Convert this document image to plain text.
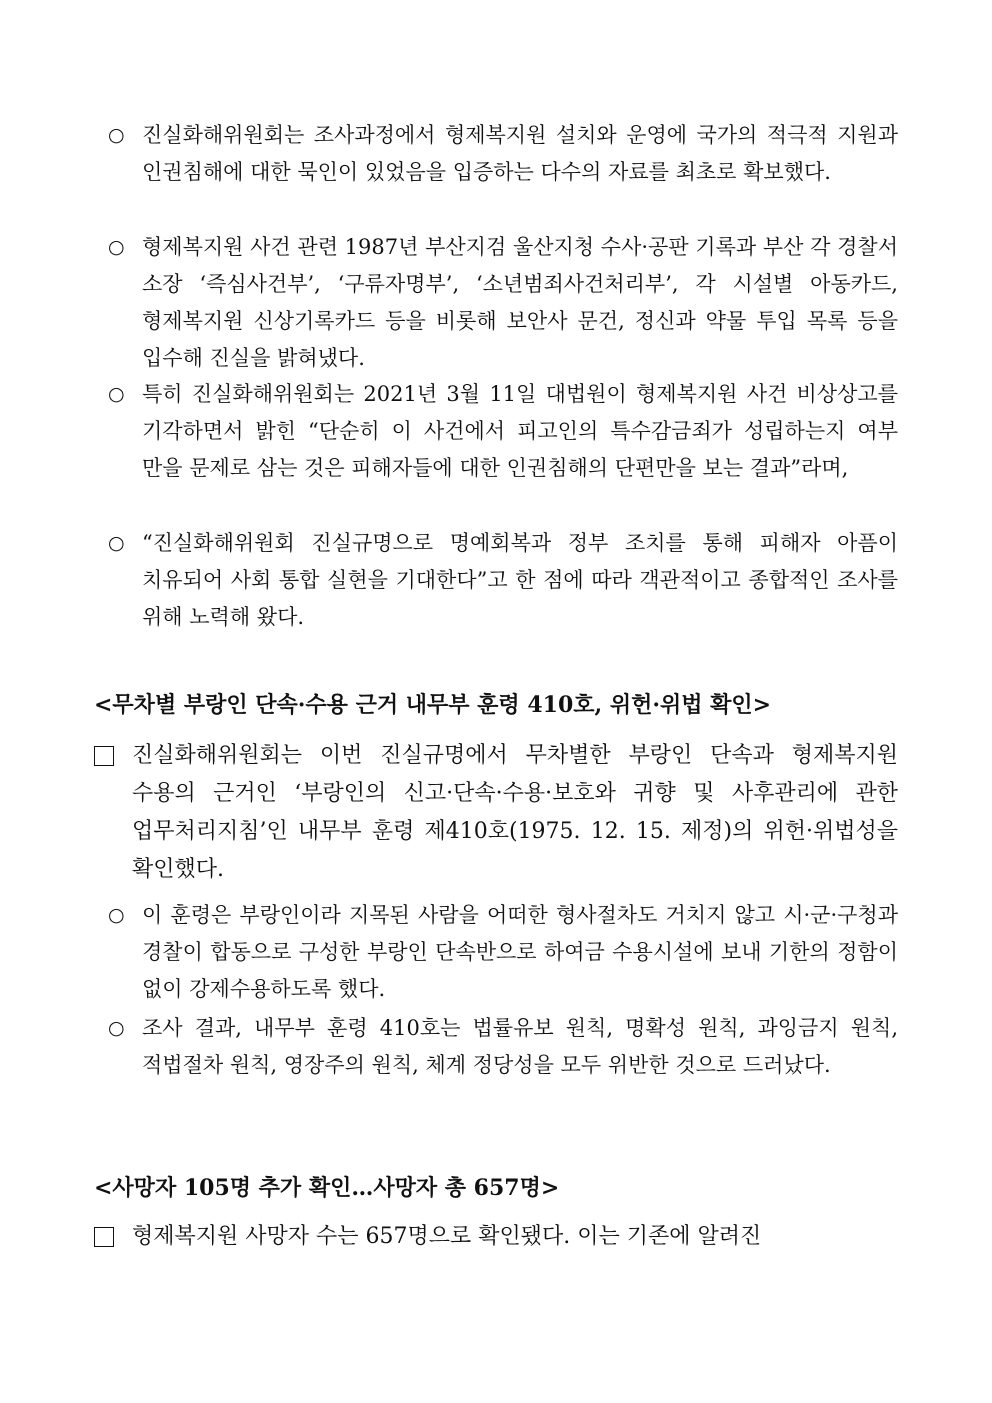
○ 진실화해위원회는 조사과정에서 형제복지원 설치와 운영에 국가의 적극적 지원과 인권침해에 대한 묵인이 있었음을 입증하는 다수의 자료를 최초로 확보했다.
○ 형제복지원 사건 관련 1987년 부산지검 울산지청 수사·공판 기록과 부산 각 경찰서 소장 ‘즉심사건부’, ‘구류자명부’, ‘소년범죄사건처리부’, 각 시설별 아동카드, 형제복지원 신상기록카드 등을 비롯해 보안사 문건, 정신과 약물 투입 목록 등을 입수해 진실을 밝혀냈다.
○ 특히 진실화해위원회는 2021년 3월 11일 대법원이 형제복지원 사건 비상상고를 기각하면서 밝힌 “단순히 이 사건에서 피고인의 특수감금죄가 성립하는지 여부 만을 문제로 삼는 것은 피해자들에 대한 인권침해의 단편만을 보는 결과”라며,
○ “진실화해위원회 진실규명으로 명예회복과 정부 조치를 통해 피해자 아픔이 치유되어 사회 통합 실현을 기대한다”고 한 점에 따라 객관적이고 종합적인 조사를 위해 노력해 왔다.
<무차별 부랑인 단속·수용 근거 내무부 훈령 410호, 위헌·위법 확인>
진실화해위원회는 이번 진실규명에서 무차별한 부랑인 단속과 형제복지원 수용의 근거인 ‘부랑인의 신고·단속·수용·보호와 귀향 및 사후관리에 관한 업무처리지침’인 내무부 훈령 제410호(1975. 12. 15. 제정)의 위헌·위법성을 확인했다.
○ 이 훈령은 부랑인이라 지목된 사람을 어떠한 형사절차도 거치지 않고 시·군·구청과 경찰이 합동으로 구성한 부랑인 단속반으로 하여금 수용시설에 보내 기한의 정함이 없이 강제수용하도록 했다.
○ 조사 결과, 내무부 훈령 410호는 법률유보 원칙, 명확성 원칙, 과잉금지 원칙, 적법절차 원칙, 영장주의 원칙, 체계 정당성을 모두 위반한 것으로 드러났다.
<사망자 105명 추가 확인…사망자 총 657명>
형제복지원 사망자 수는 657명으로 확인됐다. 이는 기존에 알려진
